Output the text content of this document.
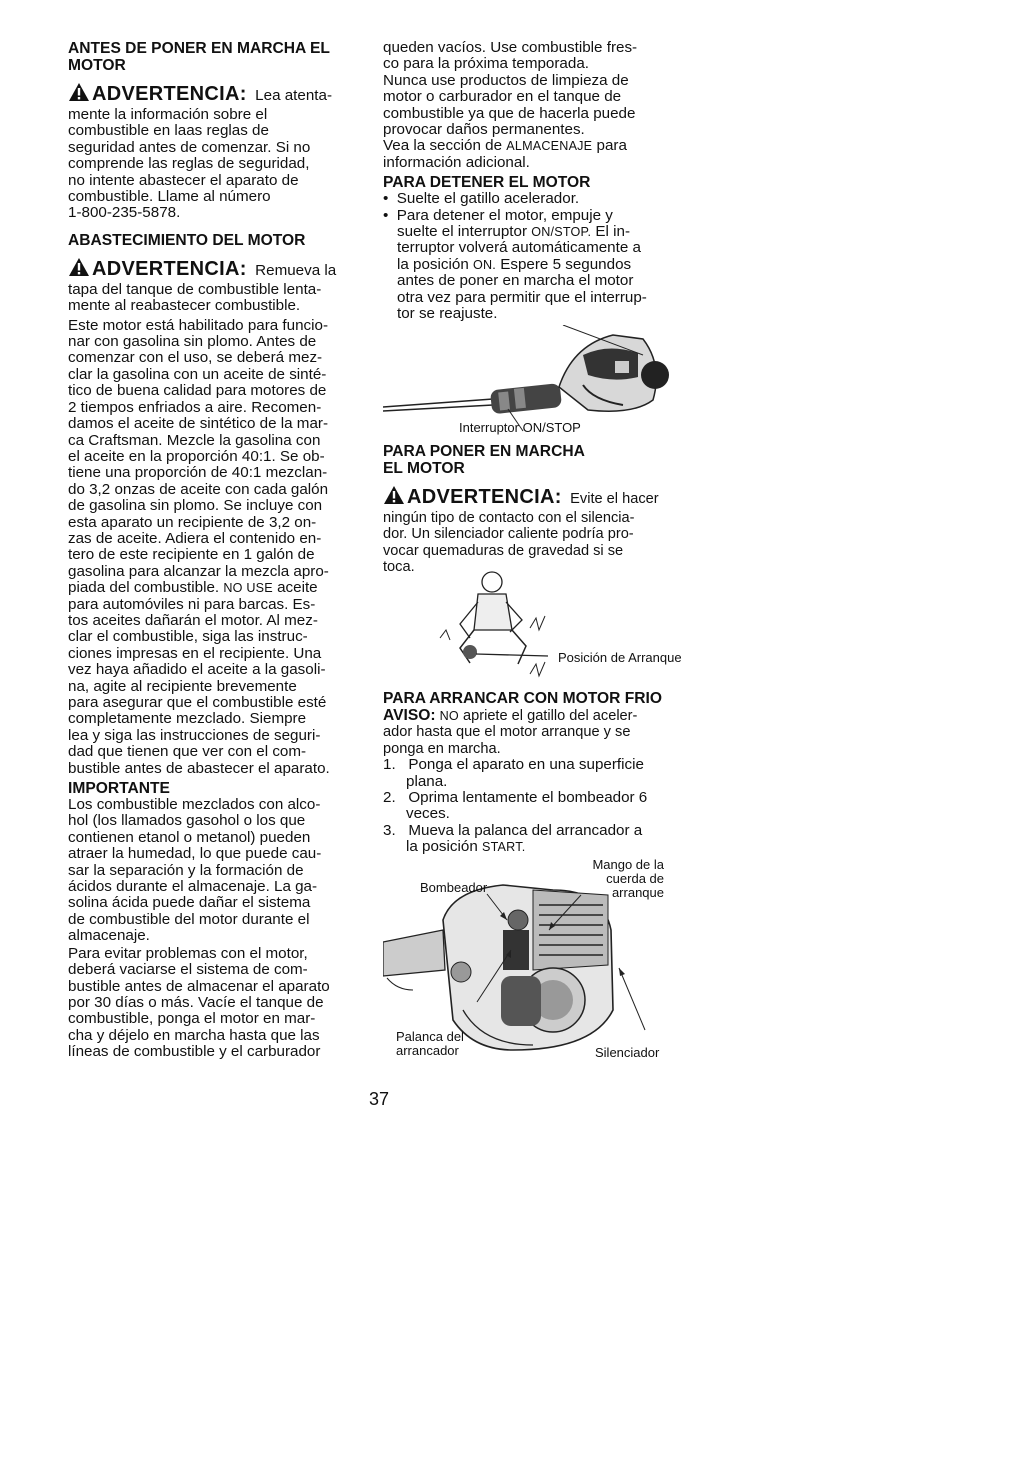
ANTES DE PONER EN MARCHA EL
MOTOR

ADVERTENCIA: Lea atenta-
mente la información sobre el
combustible en laas reglas de
seguridad antes de comenzar. Si no
comprende las reglas de seguridad,
no intente abastecer el aparato de
combustible. Llame al número
1-800-235-5878.

ABASTECIMIENTO DEL MOTOR

ADVERTENCIA: Remueva la
tapa del tanque de combustible lenta-
mente al reabastecer combustible.
Este motor está habilitado para funcio-
nar con gasolina sin plomo. Antes de
comenzar con el uso, se deberá mez-
clar la gasolina con un aceite de sinté-
tico de buena calidad para motores de
2 tiempos enfriados a aire. Recomen-
damos el aceite de sintético de la mar-
ca Craftsman. Mezcle la gasolina con
el aceite en la proporción 40:1. Se ob-
tiene una proporción de 40:1 mezclan-
do 3,2 onzas de aceite con cada galón
de gasolina sin plomo. Se incluye con
esta aparato un recipiente de 3,2 on-
zas de aceite. Adiera el contenido en-
tero de este recipiente en 1 galón de
gasolina para alcanzar la mezcla apro-
piada del combustible. NO USE aceite
para automóviles ni para barcas. Es-
tos aceites dañarán el motor. Al mez-
clar el combustible, siga las instruc-
ciones impresas en el recipiente. Una
vez haya añadido el aceite a la gasoli-
na, agite al recipiente brevemente
para asegurar que el combustible esté
completamente mezclado. Siempre
lea y siga las instrucciones de seguri-
dad que tienen que ver con el com-
bustible antes de abastecer el aparato.

IMPORTANTE

Los combustible mezclados con alco-
hol (los llamados gasohol o los que
contienen etanol o metanol) pueden
atraer la humedad, lo que puede cau-
sar la separación y la formación de
ácidos durante el almacenaje. La ga-
solina ácida puede dañar el sistema
de combustible del motor durante el
almacenaje.
Para evitar problemas con el motor,
deberá vaciarse el sistema de com-
bustible antes de almacenar el aparato
por 30 días o más. Vacíe el tanque de
combustible, ponga el motor en mar-
cha y déjelo en marcha hasta que las
líneas de combustible y el carburador
queden vacíos. Use combustible fres-
co para la próxima temporada.
Nunca use productos de limpieza de
motor o carburador en el tanque de
combustible ya que de hacerla puede
provocar daños permanentes.
Vea la sección de ALMACENAJE para
información adicional.

PARA DETENER EL MOTOR

•  Suelte el gatillo acelerador.
•  Para detener el motor, empuje y
suelte el interruptor ON/STOP. El in-
terruptor volverá automáticamente a
la posición ON. Espere 5 segundos
antes de poner en marcha el motor
otra vez para permitir que el interrup-
tor se reajuste.
Interruptor ON/STOP

PARA PONER EN MARCHA
EL MOTOR

ADVERTENCIA: Evite el hacer
ningún tipo de contacto con el silencia-
dor. Un silenciador caliente podría pro-
vocar quemaduras de gravedad si se
toca.
Posición de Arranque

PARA ARRANCAR CON MOTOR FRIO

AVISO: NO apriete el gatillo del aceler-
ador hasta que el motor arranque y se
ponga en marcha.
1. Ponga el aparato en una superficie
plana.
2. Oprima lentamente el bombeador 6
veces.
3. Mueva la palanca del arrancador a
la posición START.
Bombeador
Mango de la
cuerda de
arranque
Palanca del
arrancador	Silenciador
37
